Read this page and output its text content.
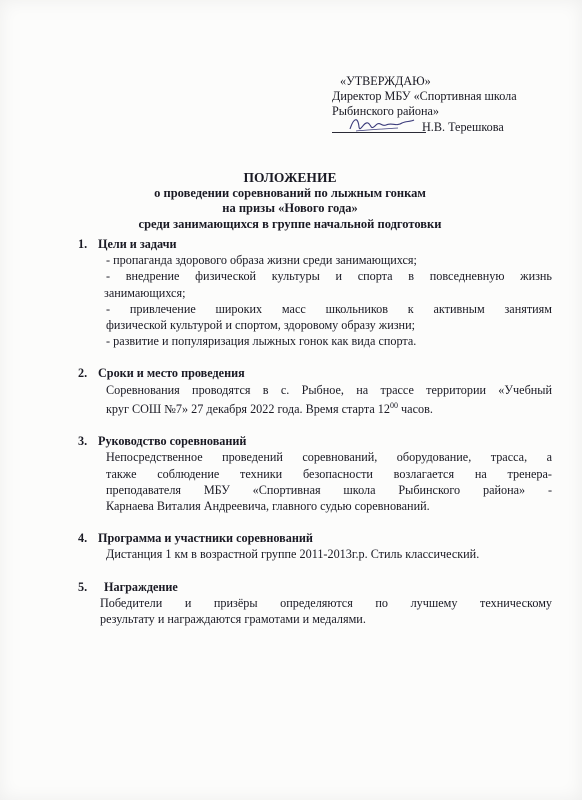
«УТВЕРЖДАЮ»
Директор МБУ «Спортивная школа
Рыбинского района»
Н.В. Терешкова
ПОЛОЖЕНИЕ
о проведении соревнований по лыжным гонкам
на призы «Нового года»
среди занимающихся в группе начальной подготовки
1. Цели и задачи

- пропаганда здорового образа жизни среди занимающихся;

- внедрение физической культуры и спорта в повседневную жизнь

занимающихся;

- привлечение широких масс школьников к активным занятиям

физической культурой и спортом, здоровому образу жизни;

- развитие и популяризация лыжных гонок как вида спорта.

2. Сроки и место проведения

Соревнования проводятся в с. Рыбное, на трассе территории «Учебный

круг СОШ №7» 27 декабря 2022 года. Время старта $12^{00}$ часов.

3. Руководство соревнований

Непосредственное проведений соревнований, оборудование, трасса, а

также соблюдение техники безопасности возлагается на тренера-

преподавателя МБУ «Спортивная школа Рыбинского района» -

Карнаева Виталия Андреевича, главного судью соревнований.

4. Программа и участники соревнований

Дистанция 1 км в возрастной группе 2011-2013г.р. Стиль классический.

5. Награждение

Победители и призёры определяются по лучшему техническому

результату и награждаются грамотами и медалями.
